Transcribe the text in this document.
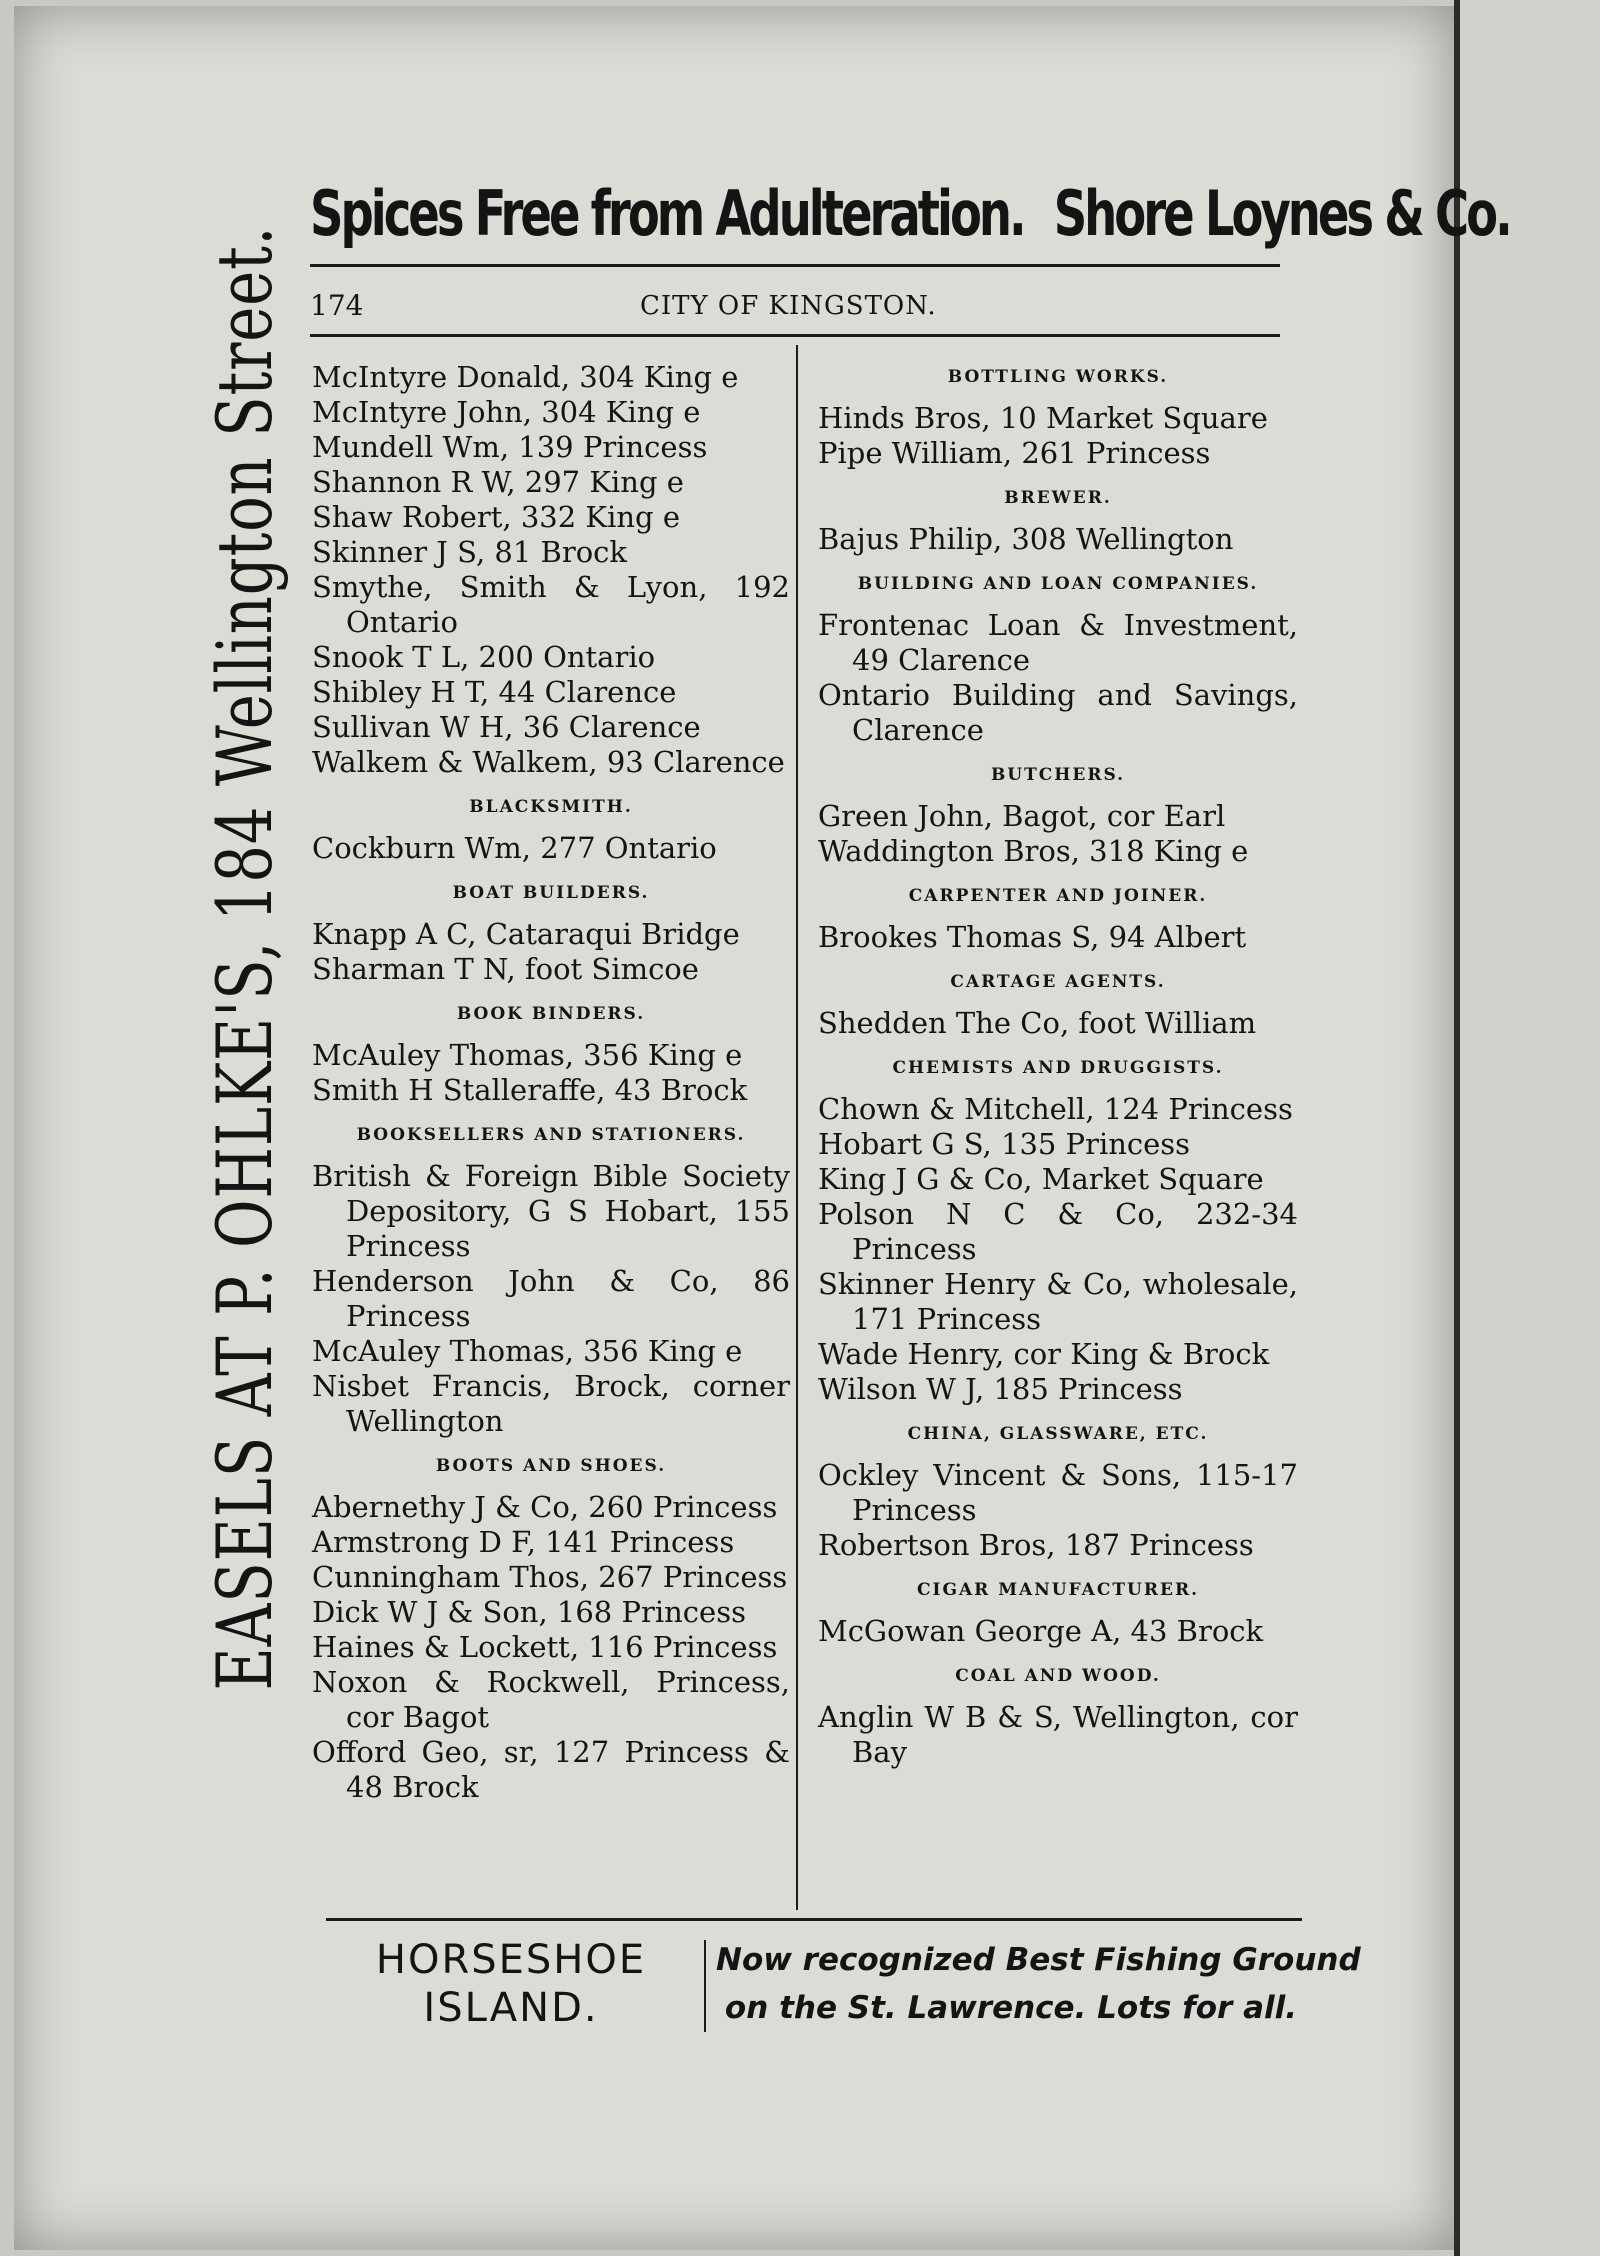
Spices Free from Adulteration. Shore Loynes & Co.
174	CITY OF KINGSTON.
EASELS AT P. OHLKE'S, 184 Wellington Street. McIntyre Donald, 304 King e
McIntyre John, 304 King e
Mundell Wm, 139 Princess
Shannon R W, 297 King e
Shaw Robert, 332 King e
Skinner J S, 81 Brock
Smythe, Smith & Lyon, 192 Ontario
Snook T L, 200 Ontario
Shibley H T, 44 Clarence
Sullivan W H, 36 Clarence
Walkem & Walkem, 93 Clarence
BLACKSMITH.
Cockburn Wm, 277 Ontario
BOAT BUILDERS.
Knapp A C, Cataraqui Bridge
Sharman T N, foot Simcoe
BOOK BINDERS.
McAuley Thomas, 356 King e
Smith H Stalleraffe, 43 Brock
BOOKSELLERS AND STATIONERS.
British & Foreign Bible Society Depository, G S Hobart, 155 Princess
Henderson John & Co, 86 Princess
McAuley Thomas, 356 King e
Nisbet Francis, Brock, corner Wellington
BOOTS AND SHOES.
Abernethy J & Co, 260 Princess
Armstrong D F, 141 Princess
Cunningham Thos, 267 Princess
Dick W J & Son, 168 Princess
Haines & Lockett, 116 Princess
Noxon & Rockwell, Princess, cor Bagot
Offord Geo, sr, 127 Princess & 48 Brock
BOTTLING WORKS.
Hinds Bros, 10 Market Square
Pipe William, 261 Princess
BREWER.
Bajus Philip, 308 Wellington
BUILDING AND LOAN COMPANIES.
Frontenac Loan & Investment, 49 Clarence
Ontario Building and Savings, Clarence
BUTCHERS.
Green John, Bagot, cor Earl
Waddington Bros, 318 King e
CARPENTER AND JOINER.
Brookes Thomas S, 94 Albert
CARTAGE AGENTS.
Shedden The Co, foot William
CHEMISTS AND DRUGGISTS.
Chown & Mitchell, 124 Princess
Hobart G S, 135 Princess
King J G & Co, Market Square
Polson N C & Co, 232-34 Princess
Skinner Henry & Co, wholesale, 171 Princess
Wade Henry, cor King & Brock
Wilson W J, 185 Princess
CHINA, GLASSWARE, ETC.
Ockley Vincent & Sons, 115-17 Princess
Robertson Bros, 187 Princess
CIGAR MANUFACTURER.
McGowan George A, 43 Brock
COAL AND WOOD.
Anglin W B & S, Wellington, cor Bay
HORSESHOE
ISLAND.
Now recognized Best Fishing Ground
on the St. Lawrence. Lots for all.
